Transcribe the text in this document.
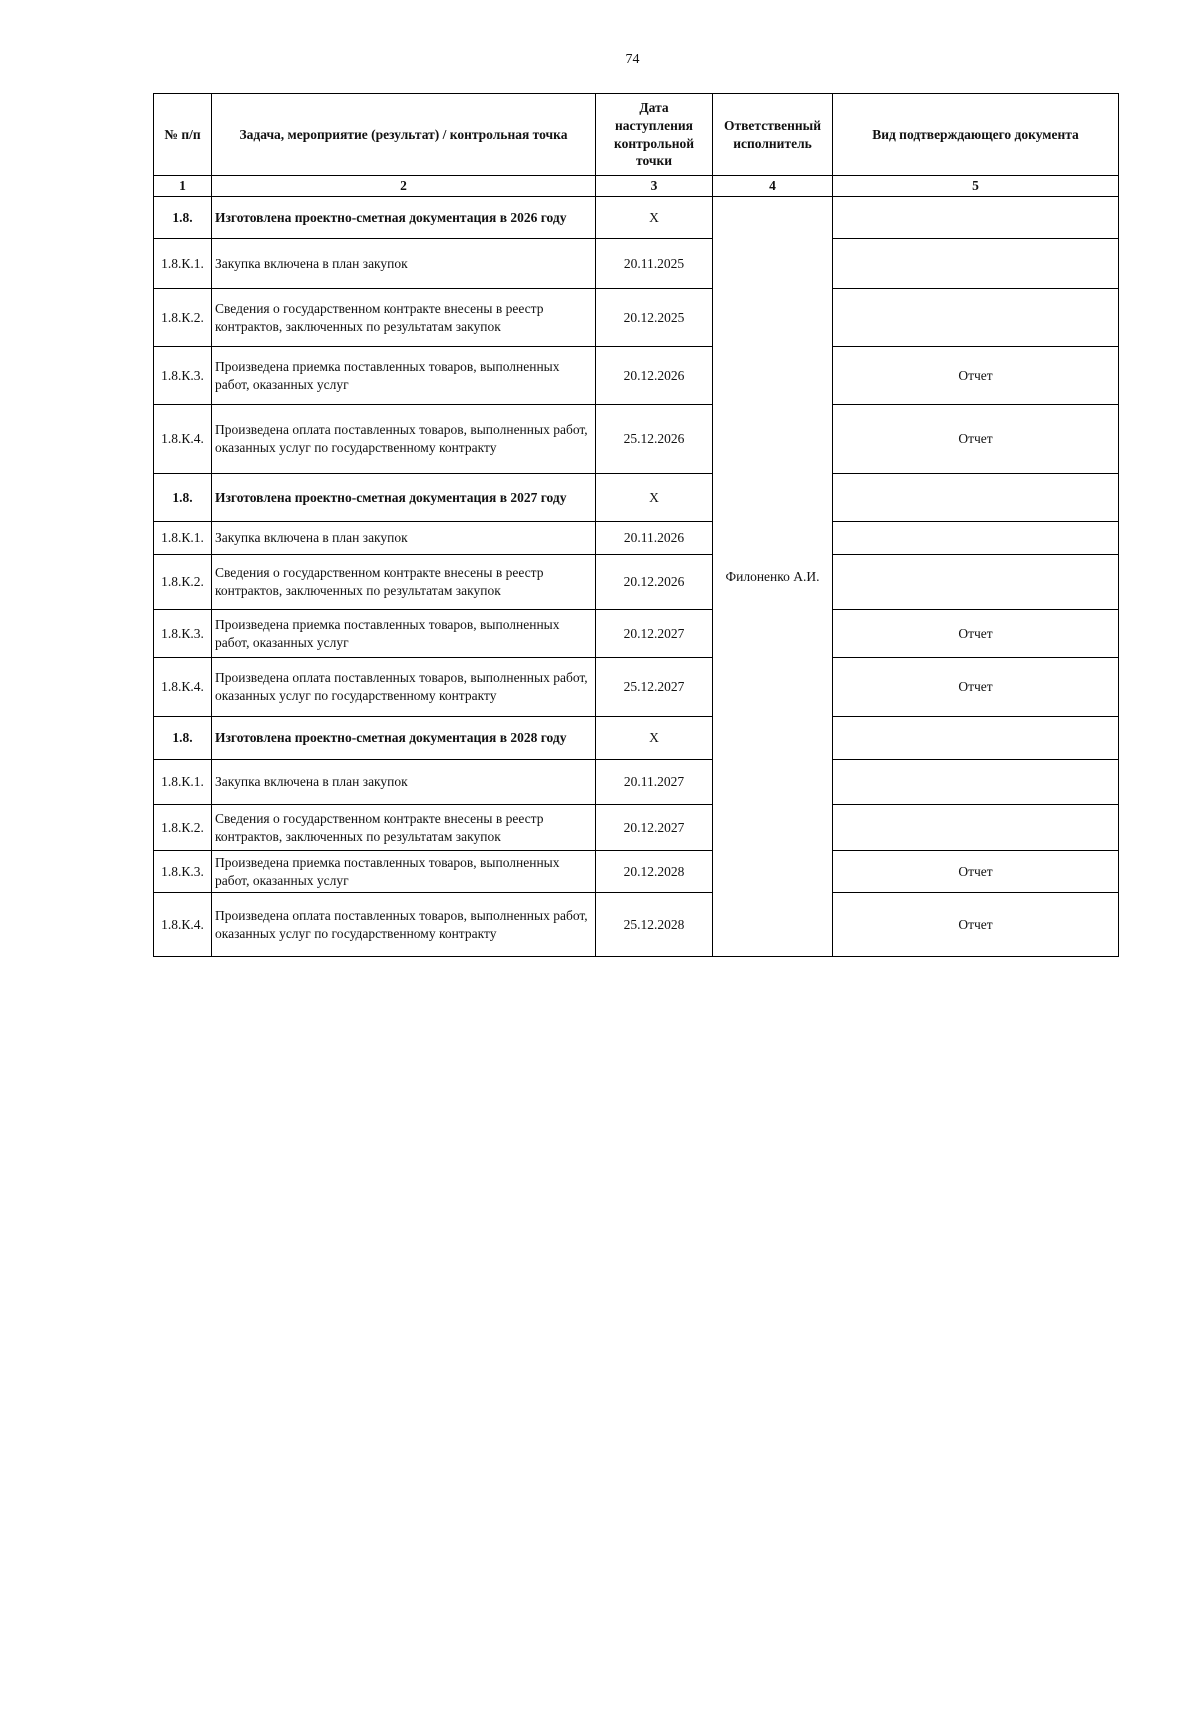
74
№ п/п	Задача, мероприятие (результат) / контрольная точка	Дата наступления контрольной точки	Ответственный исполнитель	Вид подтверждающего документа
1	2	3	4	5
1.8.	Изготовлена проектно-сметная документация в 2026 году	X	Филоненко А.И.	
1.8.К.1.	Закупка включена в план закупок	20.11.2025		
1.8.К.2.	Сведения о государственном контракте внесены в реестр контрактов, заключенных по результатам закупок	20.12.2025		
1.8.К.3.	Произведена приемка поставленных товаров, выполненных работ, оказанных услуг	20.12.2026		Отчет
1.8.К.4.	Произведена оплата поставленных товаров, выполненных работ, оказанных услуг по государственному контракту	25.12.2026		Отчет
1.8.	Изготовлена проектно-сметная документация в 2027 году	X		
1.8.К.1.	Закупка включена в план закупок	20.11.2026		
1.8.К.2.	Сведения о государственном контракте внесены в реестр контрактов, заключенных по результатам закупок	20.12.2026		
1.8.К.3.	Произведена приемка поставленных товаров, выполненных работ, оказанных услуг	20.12.2027		Отчет
1.8.К.4.	Произведена оплата поставленных товаров, выполненных работ, оказанных услуг по государственному контракту	25.12.2027		Отчет
1.8.	Изготовлена проектно-сметная документация в 2028 году	X		
1.8.К.1.	Закупка включена в план закупок	20.11.2027		
1.8.К.2.	Сведения о государственном контракте внесены в реестр контрактов, заключенных по результатам закупок	20.12.2027		
1.8.К.3.	Произведена приемка поставленных товаров, выполненных работ, оказанных услуг	20.12.2028		Отчет
1.8.К.4.	Произведена оплата поставленных товаров, выполненных работ, оказанных услуг по государственному контракту	25.12.2028		Отчет
